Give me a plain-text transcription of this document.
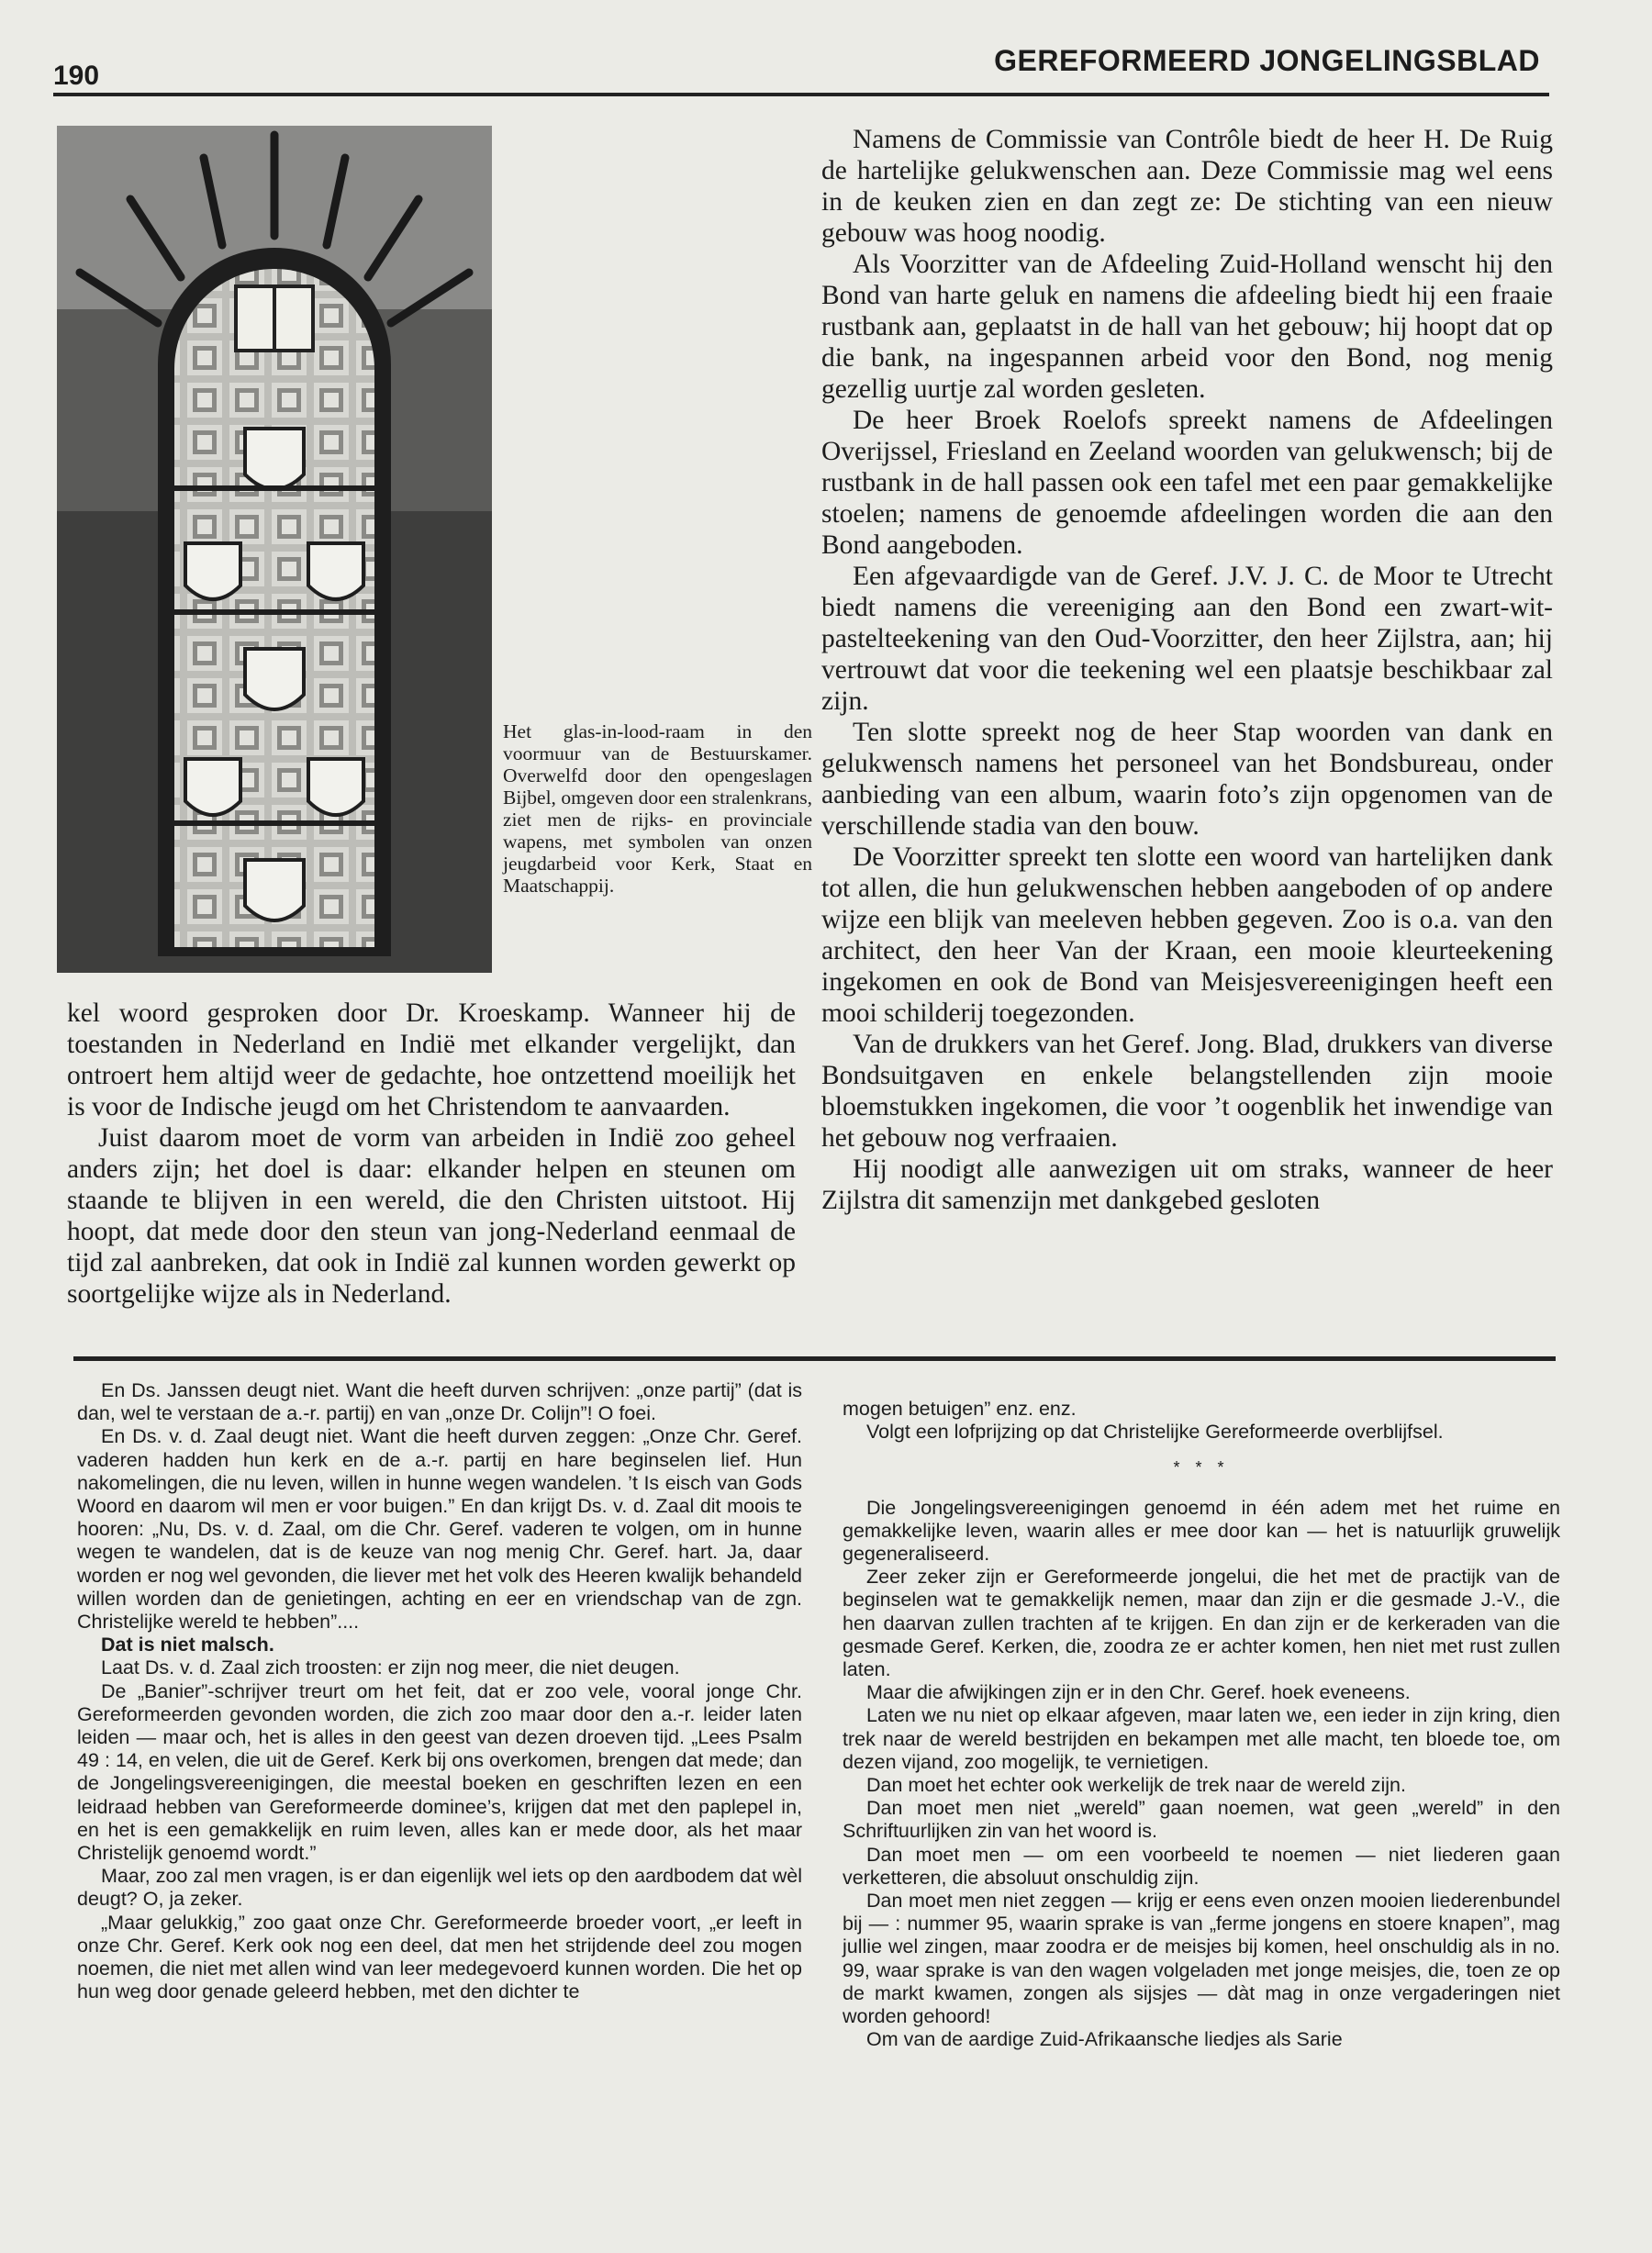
190	GEREFORMEERD JONGELINGSBLAD
Het glas-in-lood-raam in den voormuur van de Bestuurskamer. Overwelfd door den opengeslagen Bijbel, omgeven door een stralenkrans, ziet men de rijks- en provinciale wapens, met symbolen van onzen jeugdarbeid voor Kerk, Staat en Maatschappij.

kel woord gesproken door Dr. Kroeskamp. Wanneer hij de toestanden in Nederland en Indië met elkander vergelijkt, dan ontroert hem altijd weer de gedachte, hoe ontzettend moeilijk het is voor de Indische jeugd om het Christendom te aanvaarden.

Juist daarom moet de vorm van arbeiden in Indië zoo geheel anders zijn; het doel is daar: elkander helpen en steunen om staande te blijven in een wereld, die den Christen uitstoot. Hij hoopt, dat mede door den steun van jong-Nederland eenmaal de tijd zal aanbreken, dat ook in Indië zal kunnen worden gewerkt op soortgelijke wijze als in Nederland.

Namens de Commissie van Contrôle biedt de heer H. De Ruig de hartelijke gelukwenschen aan. Deze Commissie mag wel eens in de keuken zien en dan zegt ze: De stichting van een nieuw gebouw was hoog noodig.

Als Voorzitter van de Afdeeling Zuid-Holland wenscht hij den Bond van harte geluk en namens die afdeeling biedt hij een fraaie rustbank aan, geplaatst in de hall van het gebouw; hij hoopt dat op die bank, na ingespannen arbeid voor den Bond, nog menig gezellig uurtje zal worden gesleten.

De heer Broek Roelofs spreekt namens de Afdeelingen Overijssel, Friesland en Zeeland woorden van gelukwensch; bij de rustbank in de hall passen ook een tafel met een paar gemakkelijke stoelen; namens de genoemde afdeelingen worden die aan den Bond aangeboden.

Een afgevaardigde van de Geref. J.V. J. C. de Moor te Utrecht biedt namens die vereeniging aan den Bond een zwart-wit-pastelteekening van den Oud-Voorzitter, den heer Zijlstra, aan; hij vertrouwt dat voor die teekening wel een plaatsje beschikbaar zal zijn.

Ten slotte spreekt nog de heer Stap woorden van dank en gelukwensch namens het personeel van het Bondsbureau, onder aanbieding van een album, waarin foto’s zijn opgenomen van de verschillende stadia van den bouw.

De Voorzitter spreekt ten slotte een woord van hartelijken dank tot allen, die hun gelukwenschen hebben aangeboden of op andere wijze een blijk van meeleven hebben gegeven. Zoo is o.a. van den architect, den heer Van der Kraan, een mooie kleurteekening ingekomen en ook de Bond van Meisjesvereenigingen heeft een mooi schilderij toegezonden.

Van de drukkers van het Geref. Jong. Blad, drukkers van diverse Bondsuitgaven en enkele belangstellenden zijn mooie bloemstukken ingekomen, die voor ’t oogenblik het inwendige van het gebouw nog verfraaien.

Hij noodigt alle aanwezigen uit om straks, wanneer de heer Zijlstra dit samenzijn met dankgebed gesloten

En Ds. Janssen deugt niet. Want die heeft durven schrijven: „onze partij” (dat is dan, wel te verstaan de a.-r. partij) en van „onze Dr. Colijn”! O foei.

En Ds. v. d. Zaal deugt niet. Want die heeft durven zeggen: „Onze Chr. Geref. vaderen hadden hun kerk en de a.-r. partij en hare beginselen lief. Hun nakomelingen, die nu leven, willen in hunne wegen wandelen. ’t Is eisch van Gods Woord en daarom wil men er voor buigen.” En dan krijgt Ds. v. d. Zaal dit moois te hooren: „Nu, Ds. v. d. Zaal, om die Chr. Geref. vaderen te volgen, om in hunne wegen te wandelen, dat is de keuze van nog menig Chr. Geref. hart. Ja, daar worden er nog wel gevonden, die liever met het volk des Heeren kwalijk behandeld willen worden dan de genietingen, achting en eer en vriendschap van de zgn. Christelijke wereld te hebben”....

Dat is niet malsch.

Laat Ds. v. d. Zaal zich troosten: er zijn nog meer, die niet deugen.

De „Banier”-schrijver treurt om het feit, dat er zoo vele, vooral jonge Chr. Gereformeerden gevonden worden, die zich zoo maar door den a.-r. leider laten leiden — maar och, het is alles in den geest van dezen droeven tijd. „Lees Psalm 49 : 14, en velen, die uit de Geref. Kerk bij ons overkomen, brengen dat mede; dan de Jongelingsvereenigingen, die meestal boeken en geschriften lezen en een leidraad hebben van Gereformeerde dominee’s, krijgen dat met den paplepel in, en het is een gemakkelijk en ruim leven, alles kan er mede door, als het maar Christelijk genoemd wordt.”

Maar, zoo zal men vragen, is er dan eigenlijk wel iets op den aardbodem dat wèl deugt? O, ja zeker.

„Maar gelukkig,” zoo gaat onze Chr. Gereformeerde broeder voort, „er leeft in onze Chr. Geref. Kerk ook nog een deel, dat men het strijdende deel zou mogen noemen, die niet met allen wind van leer medegevoerd kunnen worden. Die het op hun weg door genade geleerd hebben, met den dichter te

mogen betuigen” enz. enz.

Volgt een lofprijzing op dat Christelijke Gereformeerde overblijfsel.

* * *

Die Jongelingsvereenigingen genoemd in één adem met het ruime en gemakkelijke leven, waarin alles er mee door kan — het is natuurlijk gruwelijk gegeneraliseerd.

Zeer zeker zijn er Gereformeerde jongelui, die het met de practijk van de beginselen wat te gemakkelijk nemen, maar dan zijn er die gesmade J.-V., die hen daarvan zullen trachten af te krijgen. En dan zijn er de kerkeraden van die gesmade Geref. Kerken, die, zoodra ze er achter komen, hen niet met rust zullen laten.

Maar die afwijkingen zijn er in den Chr. Geref. hoek eveneens.

Laten we nu niet op elkaar afgeven, maar laten we, een ieder in zijn kring, dien trek naar de wereld bestrijden en bekampen met alle macht, ten bloede toe, om dezen vijand, zoo mogelijk, te vernietigen.

Dan moet het echter ook werkelijk de trek naar de wereld zijn.

Dan moet men niet „wereld” gaan noemen, wat geen „wereld” in den Schriftuurlijken zin van het woord is.

Dan moet men — om een voorbeeld te noemen — niet liederen gaan verketteren, die absoluut onschuldig zijn.

Dan moet men niet zeggen — krijg er eens even onzen mooien liederenbundel bij — : nummer 95, waarin sprake is van „ferme jongens en stoere knapen”, mag jullie wel zingen, maar zoodra er de meisjes bij komen, heel onschuldig als in no. 99, waar sprake is van den wagen volgeladen met jonge meisjes, die, toen ze op de markt kwamen, zongen als sijsjes — dàt mag in onze vergaderingen niet worden gehoord!

Om van de aardige Zuid-Afrikaansche liedjes als Sarie
